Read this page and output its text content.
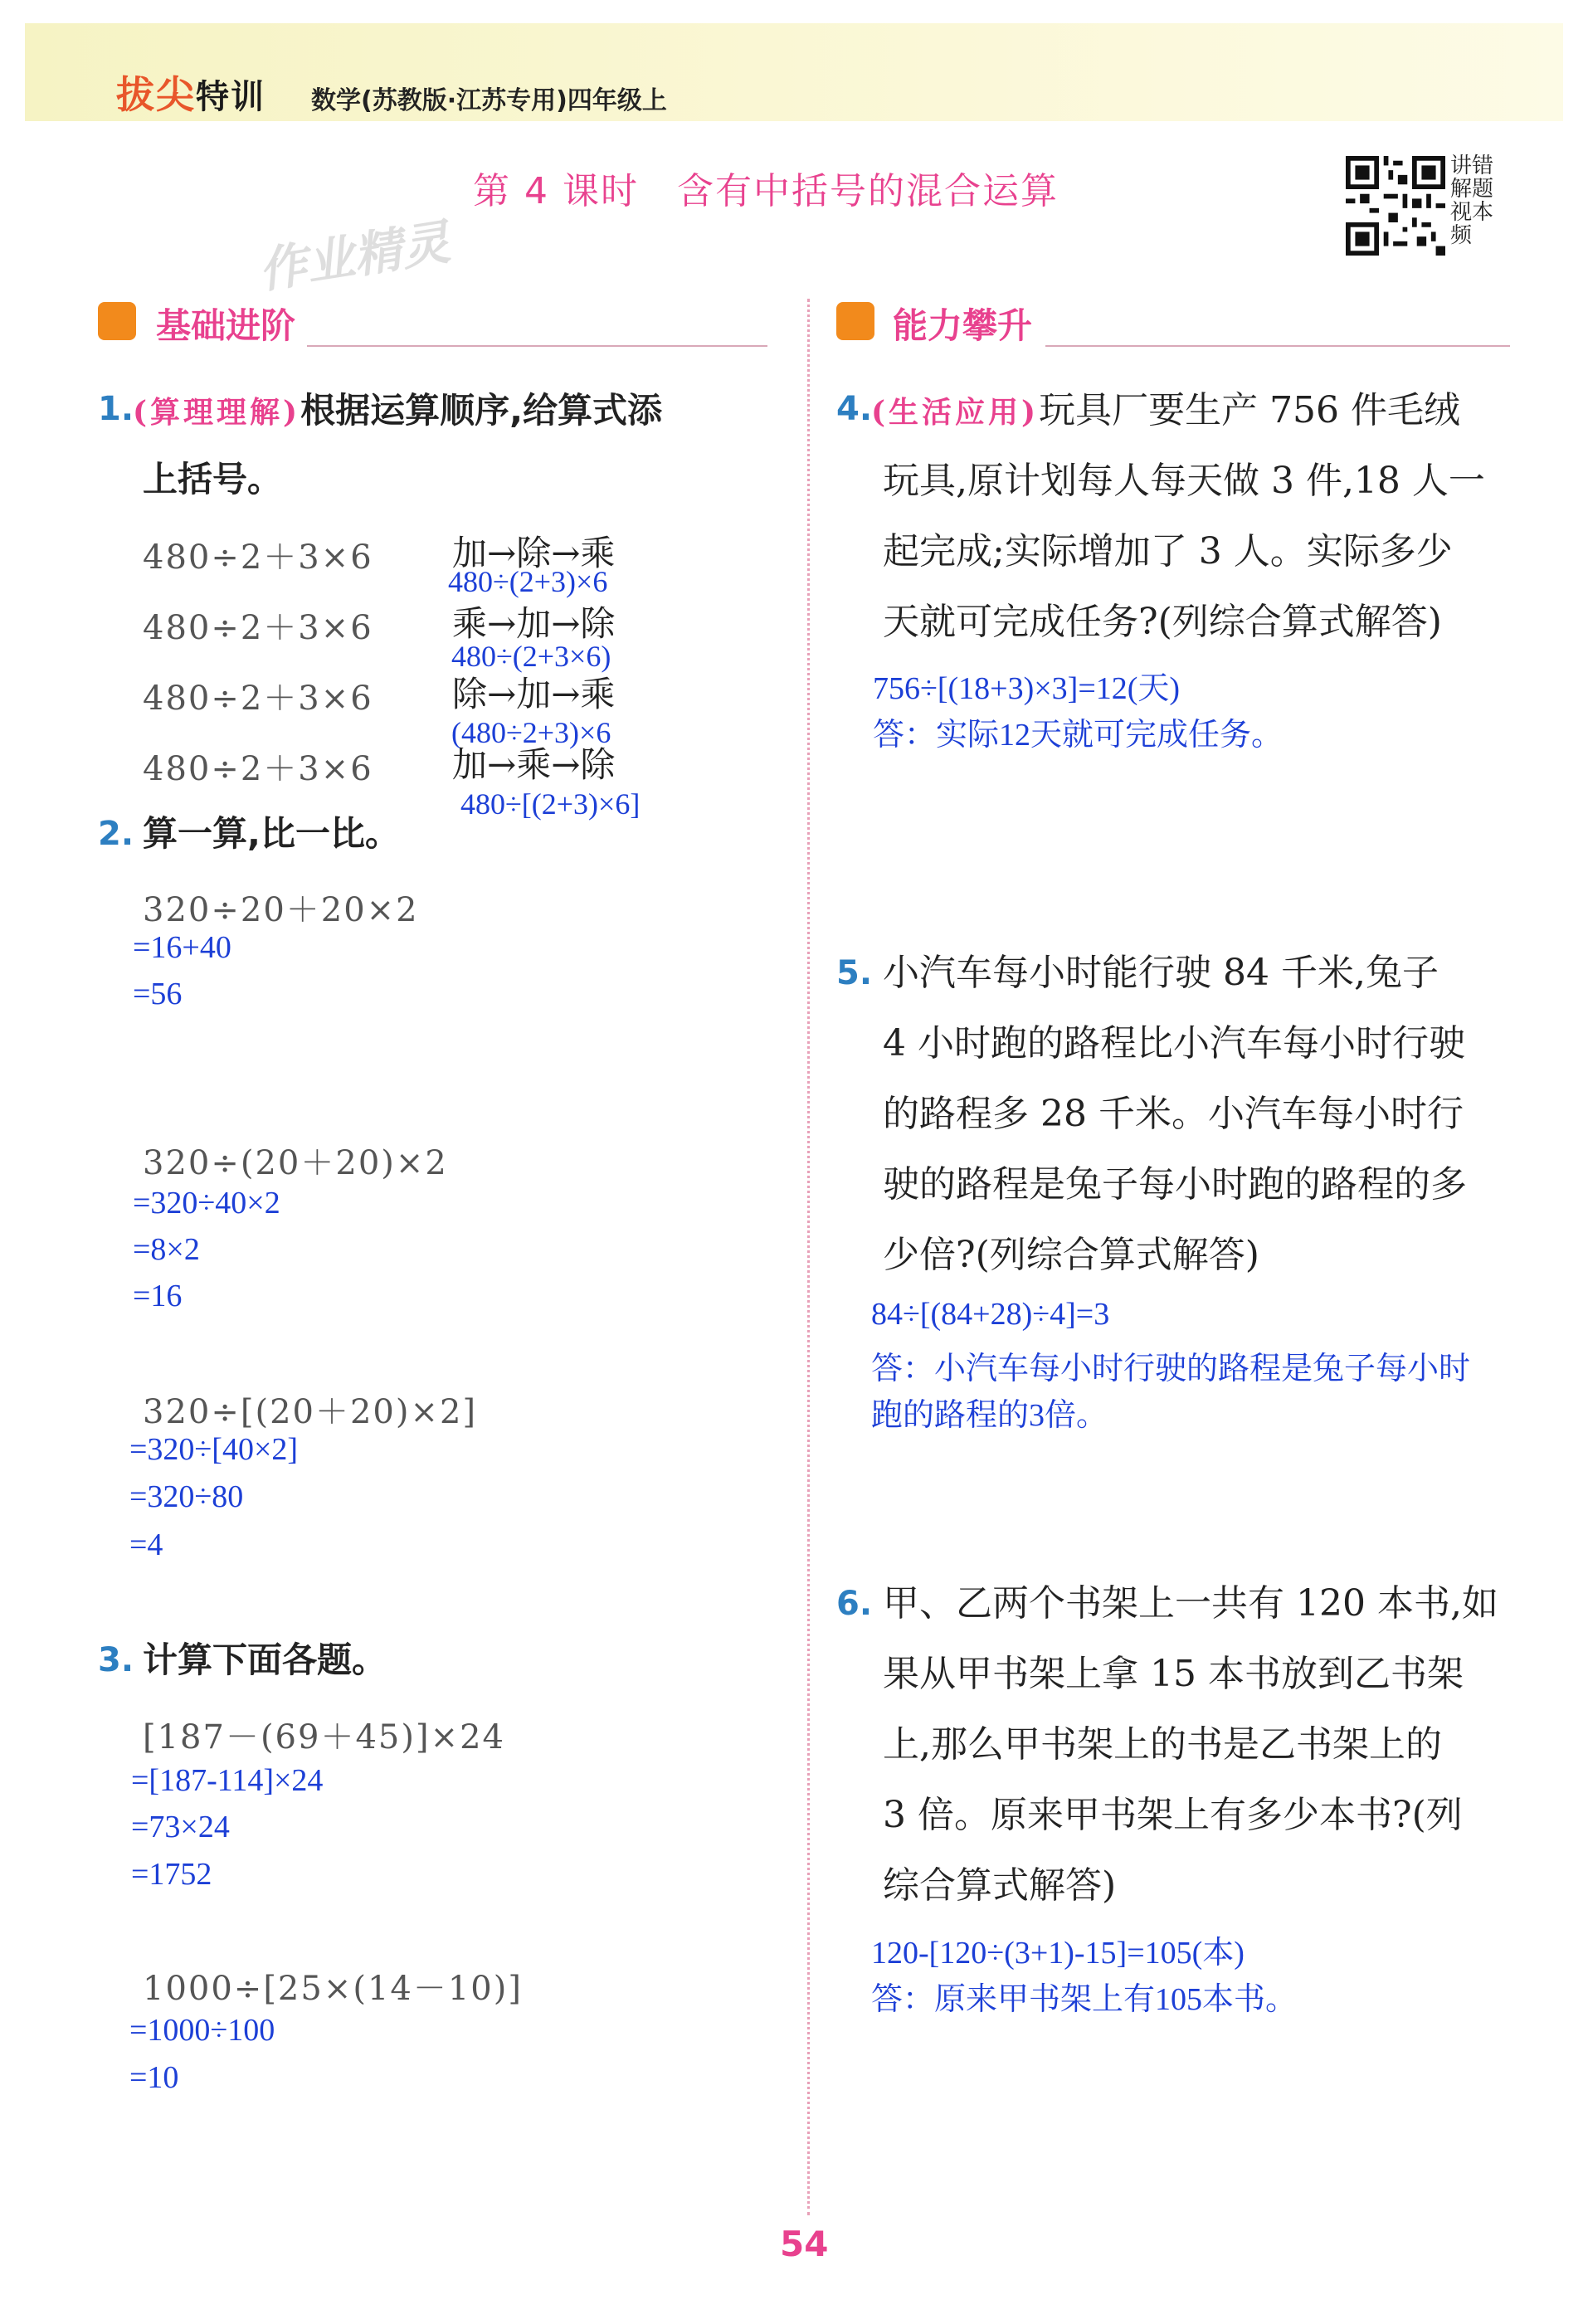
拔尖特训 数学(苏教版·江苏专用)四年级上
第 4 课时　含有中括号的混合运算
讲错
解题
视本
频
作业精灵
基础进阶	能力攀升
1.
(算理理解)根据运算顺序,给算式添
上括号。
480÷2＋3×6 加→除→乘
480÷(2+3)×6
480÷2＋3×6 乘→加→除
480÷(2+3×6)
480÷2＋3×6 除→加→乘
(480÷2+3)×6
480÷2＋3×6 加→乘→除
480÷[(2+3)×6]
2. 算一算,比一比。
320÷20＋20×2
=16+40
=56
320÷(20＋20)×2
=320÷40×2
=8×2
=16
320÷[(20＋20)×2]
=320÷[40×2]
=320÷80
=4
3. 计算下面各题。
[187－(69＋45)]×24
=[187-114]×24
=73×24
=1752
1000÷[25×(14－10)]
=1000÷100
=10
4.
(生活应用)玩具厂要生产 756 件毛绒
玩具,原计划每人每天做 3 件,18 人一
起完成;实际增加了 3 人。实际多少
天就可完成任务?(列综合算式解答)
756÷[(18+3)×3]=12(天)
答：实际12天就可完成任务。
5. 小汽车每小时能行驶 84 千米,兔子
4 小时跑的路程比小汽车每小时行驶
的路程多 28 千米。小汽车每小时行
驶的路程是兔子每小时跑的路程的多
少倍?(列综合算式解答)
84÷[(84+28)÷4]=3
答：小汽车每小时行驶的路程是兔子每小时
跑的路程的3倍。
6. 甲、乙两个书架上一共有 120 本书,如
果从甲书架上拿 15 本书放到乙书架
上,那么甲书架上的书是乙书架上的
3 倍。原来甲书架上有多少本书?(列
综合算式解答)
120-[120÷(3+1)-15]=105(本)
答：原来甲书架上有105本书。
54
